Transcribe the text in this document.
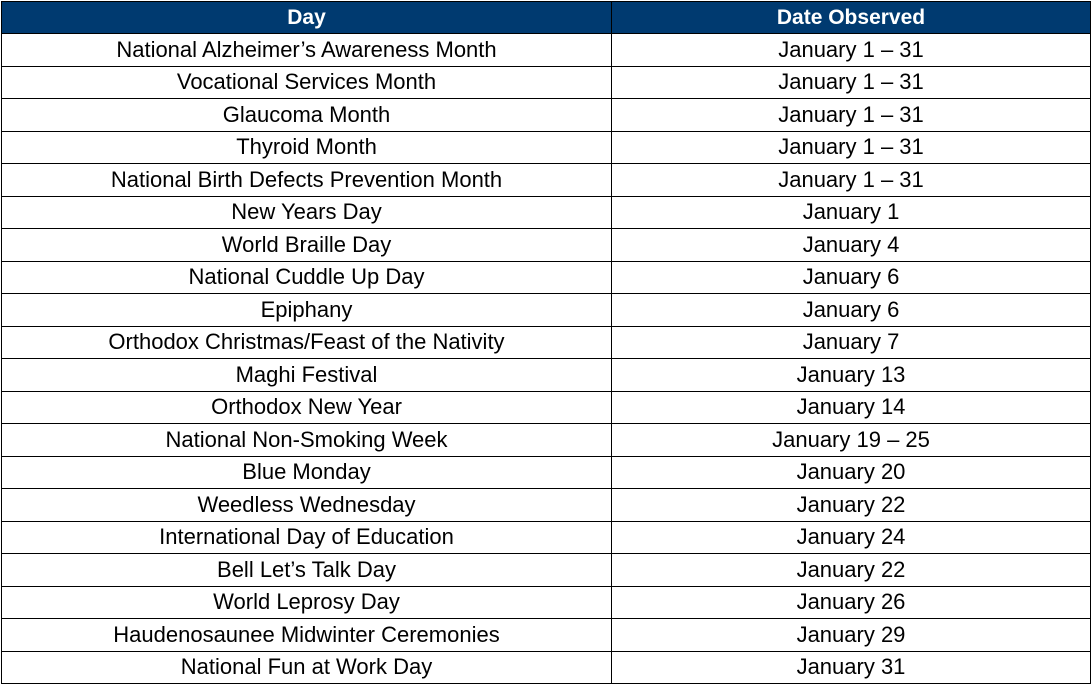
Day	Date Observed
National Alzheimer’s Awareness Month	January 1 – 31
Vocational Services Month	January 1 – 31
Glaucoma Month	January 1 – 31
Thyroid Month	January 1 – 31
National Birth Defects Prevention Month	January 1 – 31
New Years Day	January 1
World Braille Day	January 4
National Cuddle Up Day	January 6
Epiphany	January 6
Orthodox Christmas/Feast of the Nativity	January 7
Maghi Festival	January 13
Orthodox New Year	January 14
National Non-Smoking Week	January 19 – 25
Blue Monday	January 20
Weedless Wednesday	January 22
International Day of Education	January 24
Bell Let’s Talk Day	January 22
World Leprosy Day	January 26
Haudenosaunee Midwinter Ceremonies	January 29
National Fun at Work Day	January 31
